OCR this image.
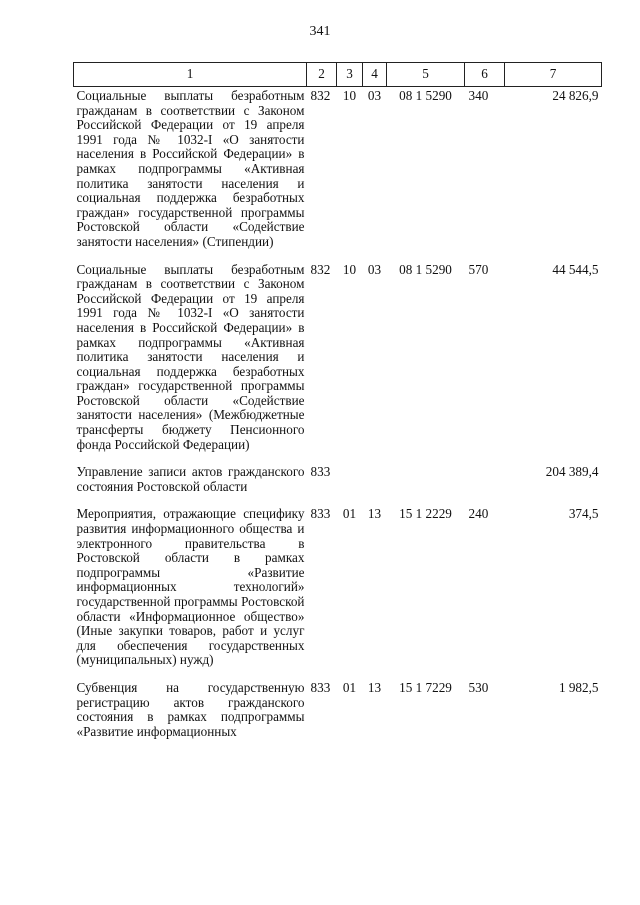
341
1	2	3	4	5	6	7
Социальные выплаты безработным гражданам в соответствии с Законом Российской Федерации от 19 апреля 1991 года № 1032-I «О занятости населения в Российской Федерации» в рамках подпрограммы «Активная политика занятости населения и социальная поддержка безработных граждан» государственной программы Ростовской области «Содействие занятости населения» (Стипендии)	832	10	03	08 1 5290	340	24 826,9

Социальные выплаты безработным гражданам в соответствии с Законом Российской Федерации от 19 апреля 1991 года № 1032-I «О занятости населения в Российской Федерации» в рамках подпрограммы «Активная политика занятости населения и социальная поддержка безработных граждан» государственной программы Ростовской области «Содействие занятости населения» (Межбюджетные трансферты бюджету Пенсионного фонда Российской Федерации)	832	10	03	08 1 5290	570	44 544,5

Управление записи актов гражданского состояния Ростовской области	833					204 389,4

Мероприятия, отражающие специфику развития информационного общества и электронного правительства в Ростовской области в рамках подпрограммы «Развитие информационных технологий» государственной программы Ростовской области «Информационное общество» (Иные закупки товаров, работ и услуг для обеспечения государственных (муниципальных) нужд)	833	01	13	15 1 2229	240	374,5

Субвенция на государственную регистрацию актов гражданского состояния в рамках подпрограммы «Развитие информационных	833	01	13	15 1 7229	530	1 982,5
